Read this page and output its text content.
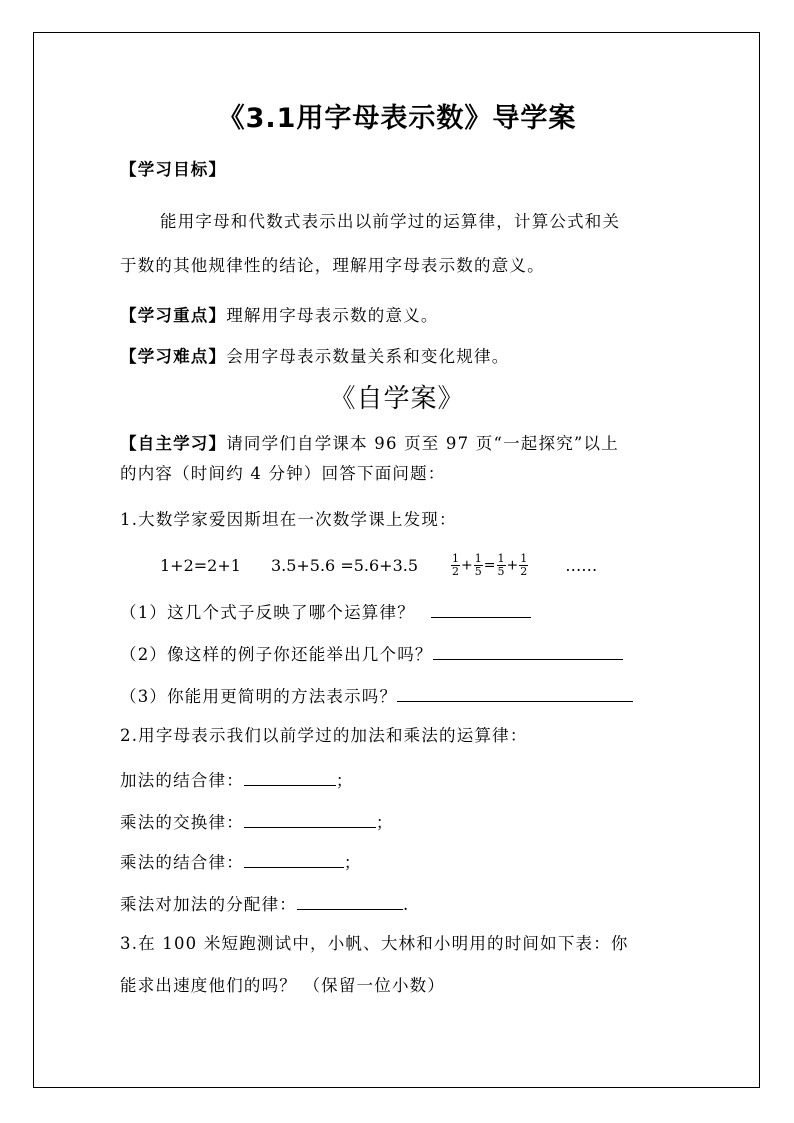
《3.1用字母表示数》导学案
【学习目标】
能用字母和代数式表示出以前学过的运算律，计算公式和关
于数的其他规律性的结论，理解用字母表示数的意义。
【学习重点】理解用字母表示数的意义。
【学习难点】会用字母表示数量关系和变化规律。
《自学案》
【自主学习】请同学们自学课本 96 页至 97 页“一起探究”以上
的内容（时间约 4 分钟）回答下面问题：
1.大数学家爱因斯坦在一次数学课上发现：
1+2=2+1 3.5+5.6 =5.6+3.5	$\frac{1}{2} + \frac{1}{5} = \frac{1}{5} + \frac{1}{2}$ ……
（1）这几个式子反映了哪个运算律？
（2）像这样的例子你还能举出几个吗？
（3）你能用更简明的方法表示吗？
2.用字母表示我们以前学过的加法和乘法的运算律：
加法的结合律：	；
乘法的交换律：	；
乘法的结合律：	；
乘法对加法的分配律：	.
3.在 100 米短跑测试中，小帆、大林和小明用的时间如下表：你
能求出速度他们的吗？ （保留一位小数）
